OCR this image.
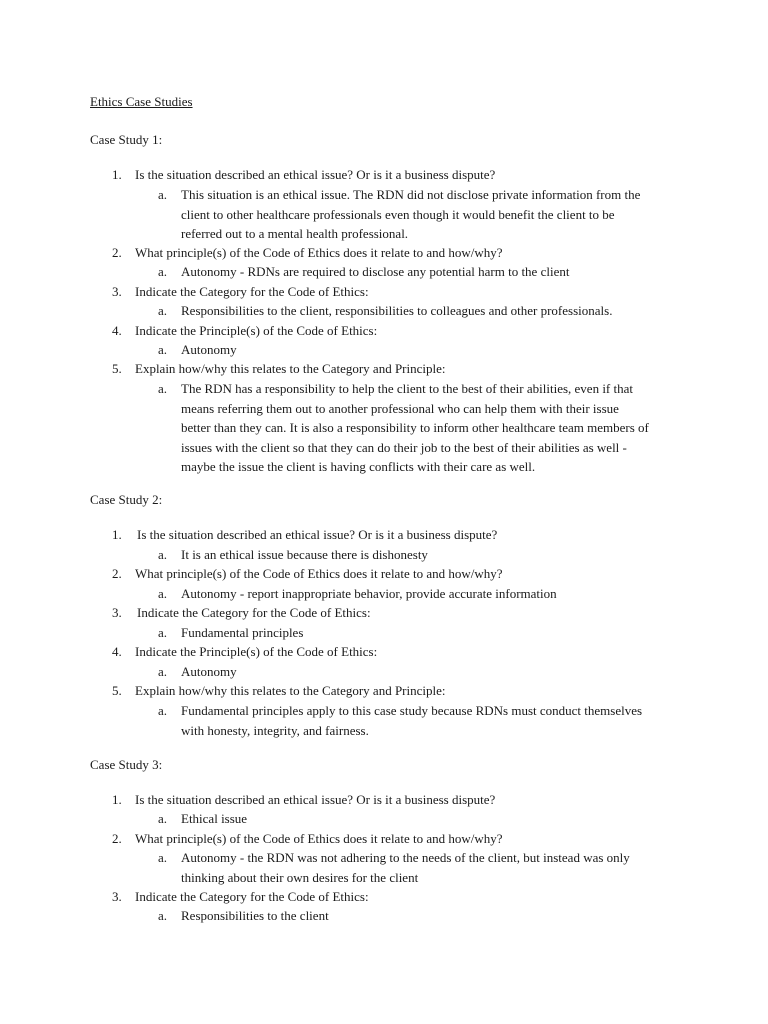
Ethics Case Studies
Case Study 1:
1.	Is the situation described an ethical issue? Or is it a business dispute?
a.	This situation is an ethical issue. The RDN did not disclose private information from the
client to other healthcare professionals even though it would benefit the client to be
referred out to a mental health professional.
2.	What principle(s) of the Code of Ethics does it relate to and how/why?
a.	Autonomy - RDNs are required to disclose any potential harm to the client
3.	Indicate the Category for the Code of Ethics:
a.	Responsibilities to the client, responsibilities to colleagues and other professionals.
4.	Indicate the Principle(s) of the Code of Ethics:
a.	Autonomy
5.	Explain how/why this relates to the Category and Principle:
a.	The RDN has a responsibility to help the client to the best of their abilities, even if that
means referring them out to another professional who can help them with their issue
better than they can. It is also a responsibility to inform other healthcare team members of
issues with the client so that they can do their job to the best of their abilities as well -
maybe the issue the client is having conflicts with their care as well.
Case Study 2:
1.	Is the situation described an ethical issue? Or is it a business dispute?
a.	It is an ethical issue because there is dishonesty
2.	What principle(s) of the Code of Ethics does it relate to and how/why?
a.	Autonomy - report inappropriate behavior, provide accurate information
3.	Indicate the Category for the Code of Ethics:
a.	Fundamental principles
4.	Indicate the Principle(s) of the Code of Ethics:
a.	Autonomy
5.	Explain how/why this relates to the Category and Principle:
a.	Fundamental principles apply to this case study because RDNs must conduct themselves
with honesty, integrity, and fairness.
Case Study 3:
1.	Is the situation described an ethical issue? Or is it a business dispute?
a.	Ethical issue
2.	What principle(s) of the Code of Ethics does it relate to and how/why?
a.	Autonomy - the RDN was not adhering to the needs of the client, but instead was only
thinking about their own desires for the client
3.	Indicate the Category for the Code of Ethics:
a.	Responsibilities to the client
